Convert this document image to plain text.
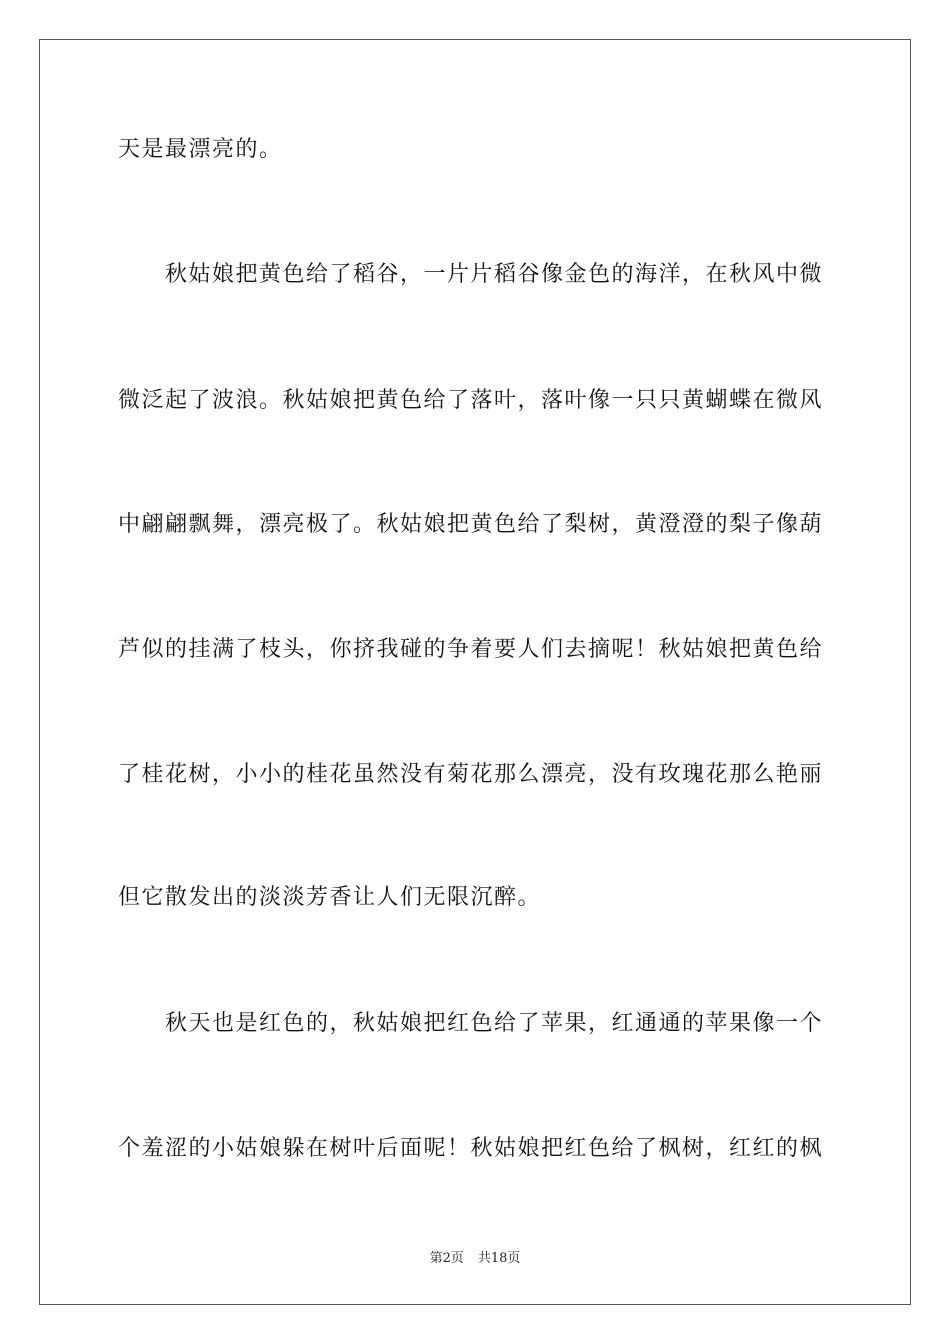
天是最漂亮的。
秋姑娘把黄色给了稻谷，一片片稻谷像金色的海洋，在秋风中微
微泛起了波浪。秋姑娘把黄色给了落叶，落叶像一只只黄蝴蝶在微风
中翩翩飘舞，漂亮极了。秋姑娘把黄色给了梨树，黄澄澄的梨子像葫
芦似的挂满了枝头，你挤我碰的争着要人们去摘呢！秋姑娘把黄色给
了桂花树，小小的桂花虽然没有菊花那么漂亮，没有玫瑰花那么艳丽
但它散发出的淡淡芳香让人们无限沉醉。
秋天也是红色的，秋姑娘把红色给了苹果，红通通的苹果像一个
个羞涩的小姑娘躲在树叶后面呢！秋姑娘把红色给了枫树，红红的枫
第2页 共18页
